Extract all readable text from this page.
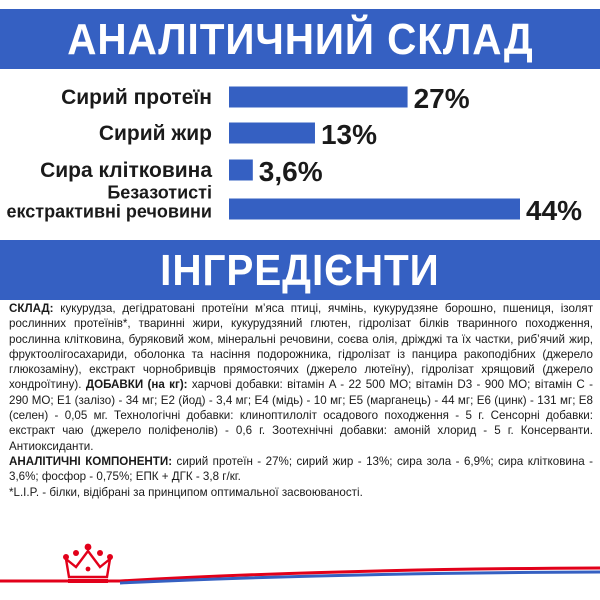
АНАЛІТИЧНИЙ СКЛАД
27%
Сирий протеїн
13%
Сирий жир
3,6%
Сира клітковина
44%
Безазотисті
екстрактивні речовини
ІНГРЕДІЄНТИ

СКЛАД: кукурудза, дегідратовані протеїни м’яса птиці, ячмінь, кукурудзяне борошно, пшениця, ізолят рослинних протеїнів*, тваринні жири, кукурудзяний глютен, гідролізат білків тваринного походження, рослинна клітковина, буряковий жом, мінеральні речовини, соєва олія, дріжджі та їх частки, риб’ячий жир, фруктоолігосахариди, оболонка та насіння подорожника, гідролізат із панцира ракоподібних (джерело глюкозаміну), екстракт чорнобривців прямостоячих (джерело лютеїну), гідролізат хрящовий (джерело хондроїтину). ДОБАВКИ (на кг): харчові добавки: вітамін A - 22 500 МО; вітамін D3 - 900 МО; вітамін C - 290 МО; E1 (залізо) - 34 мг; E2 (йод) - 3,4 мг; E4 (мідь) - 10 мг; E5 (марганець) - 44 мг; E6 (цинк) - 131 мг; E8 (селен) - 0,05 мг. Технологічні добавки: клиноптилоліт осадового походження - 5 г. Сенсорні добавки: екстракт чаю (джерело поліфенолів) - 0,6 г. Зоотехнічні добавки: амоній хлорид - 5 г. Консерванти. Антиоксиданти.

АНАЛІТИЧНІ КОМПОНЕНТИ: сирий протеїн - 27%; сирий жир - 13%; сира зола - 6,9%; сира клітковина - 3,6%; фосфор - 0,75%; ЕПК + ДГК - 3,8 г/кг.

*L.I.P. - білки, відібрані за принципом оптимальної засвоюваності.
